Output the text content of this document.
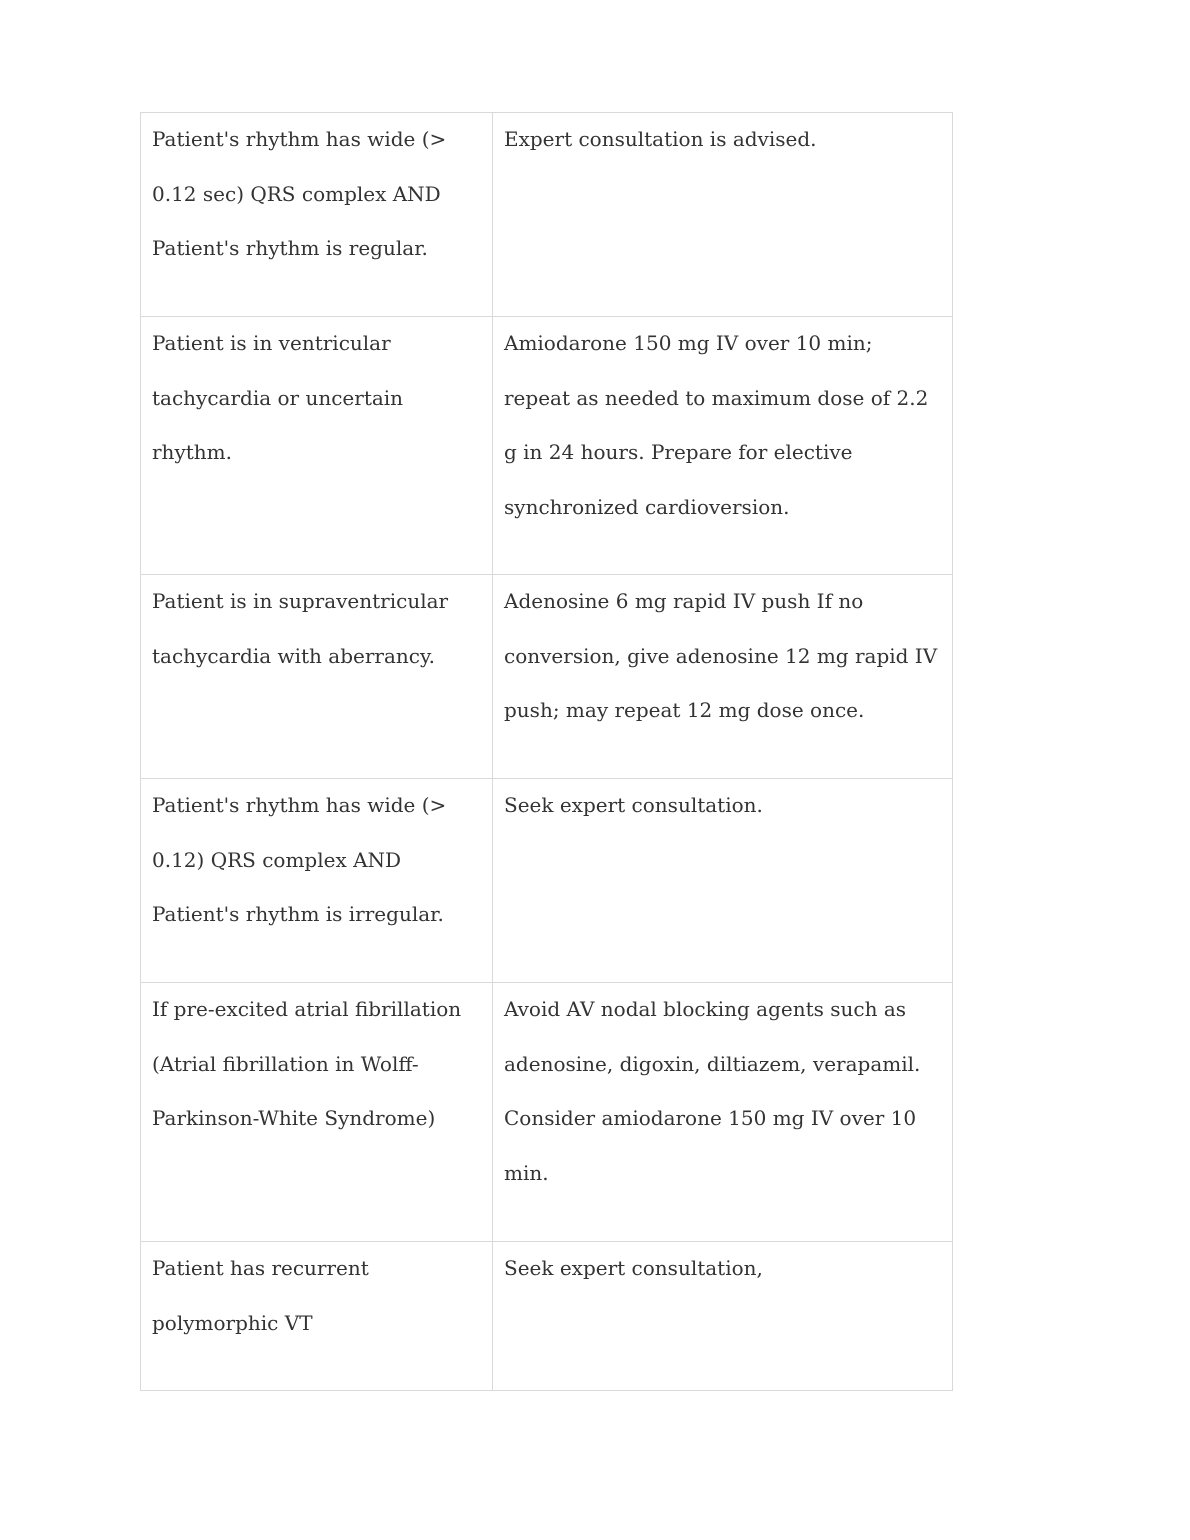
Patient's rhythm has wide (> 0.12 sec) QRS complex AND Patient's rhythm is regular.	Expert consultation is advised.

Patient is in ventricular tachycardia or uncertain rhythm.	Amiodarone 150 mg IV over 10 min; repeat as needed to maximum dose of 2.2 g in 24 hours. Prepare for elective synchronized cardioversion.

Patient is in supraventricular tachycardia with aberrancy.	Adenosine 6 mg rapid IV push If no conversion, give adenosine 12 mg rapid IV push; may repeat 12 mg dose once.

Patient's rhythm has wide (> 0.12) QRS complex AND Patient's rhythm is irregular.	Seek expert consultation.

If pre-excited atrial fibrillation (Atrial fibrillation in Wolff-Parkinson-White Syndrome)	Avoid AV nodal blocking agents such as adenosine, digoxin, diltiazem, verapamil. Consider amiodarone 150 mg IV over 10 min.

Patient has recurrent polymorphic VT	Seek expert consultation,
